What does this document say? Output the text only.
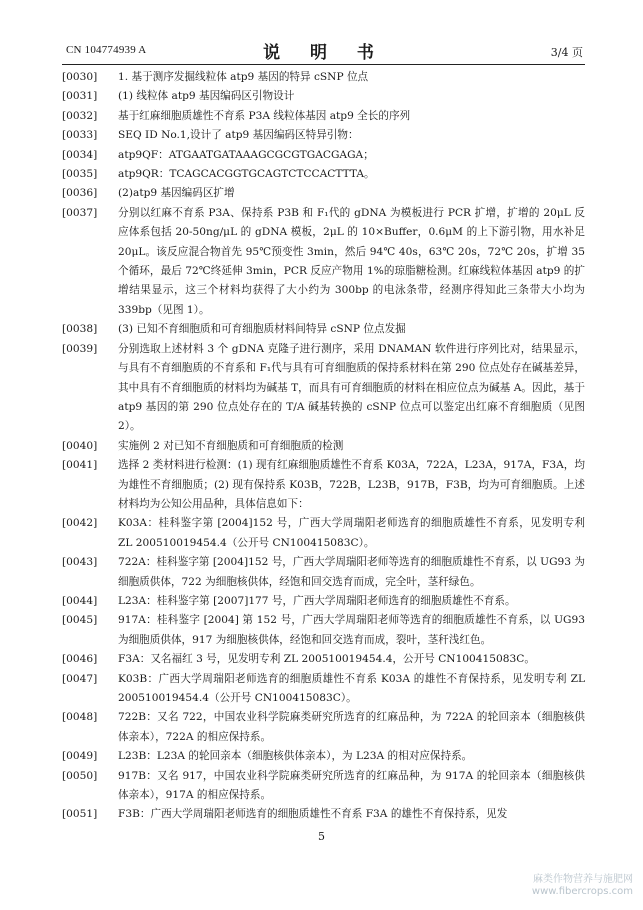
CN 104774939 A	说 明 书	3/4 页
[0030]	1. 基于测序发掘线粒体 atp9 基因的特异 cSNP 位点
[0031]	(1) 线粒体 atp9 基因编码区引物设计
[0032]	基于红麻细胞质雄性不育系 P3A 线粒体基因 atp9 全长的序列
[0033]	SEQ ID No.1,设计了 atp9 基因编码区特异引物：
[0034]	atp9QF：ATGAATGATAAAGCGCGTGACGAGA；
[0035]	atp9QR：TCAGCACGGTGCAGTCTCCACTTTA。
[0036]	(2)atp9 基因编码区扩增
[0037]	分别以红麻不育系 P3A、保持系 P3B 和 F₁代的 gDNA 为模板进行 PCR 扩增，扩增的 20μL 反应体系包括 20-50ng/μL 的 gDNA 模板，2μL 的 10×Buffer，0.6μM 的上下游引物，用水补足 20μL。该反应混合物首先 95℃预变性 3min，然后 94℃ 40s，63℃ 20s，72℃ 20s，扩增 35 个循环，最后 72℃终延伸 3min，PCR 反应产物用 1%的琼脂糖检测。红麻线粒体基因 atp9 的扩增结果显示，这三个材料均获得了大小约为 300bp 的电泳条带，经测序得知此三条带大小均为 339bp（见图 1）。
[0038]	(3) 已知不育细胞质和可育细胞质材料间特异 cSNP 位点发掘
[0039]	分别选取上述材料 3 个 gDNA 克隆子进行测序，采用 DNAMAN 软件进行序列比对，结果显示，与具有不育细胞质的不育系和 F₁代与具有可育细胞质的保持系材料在第 290 位点处存在碱基差异，其中具有不育细胞质的材料均为碱基 T，而具有可育细胞质的材料在相应位点为碱基 A。因此，基于 atp9 基因的第 290 位点处存在的 T/A 碱基转换的 cSNP 位点可以鉴定出红麻不育细胞质（见图 2）。
[0040]	实施例 2 对已知不育细胞质和可育细胞质的检测
[0041]	选择 2 类材料进行检测：(1) 现有红麻细胞质雄性不育系 K03A，722A，L23A，917A，F3A，均为雄性不育细胞质；(2) 现有保持系 K03B，722B，L23B，917B，F3B，均为可育细胞质。上述材料均为公知公用品种，具体信息如下：
[0042]	K03A：桂科鉴字第 [2004]152 号，广西大学周瑞阳老师选育的细胞质雄性不育系，见发明专利 ZL 200510019454.4（公开号 CN100415083C）。
[0043]	722A：桂科鉴字第 [2004]152 号，广西大学周瑞阳老师等选育的细胞质雄性不育系，以 UG93 为细胞质供体，722 为细胞核供体，经饱和回交选育而成，完全叶，茎秆绿色。
[0044]	L23A：桂科鉴字第 [2007]177 号，广西大学周瑞阳老师选育的细胞质雄性不育系。
[0045]	917A：桂科鉴字 [2004] 第 152 号，广西大学周瑞阳老师等选育的细胞质雄性不育系，以 UG93 为细胞质供体，917 为细胞核供体，经饱和回交选育而成，裂叶，茎秆浅红色。
[0046]	F3A：又名福红 3 号，见发明专利 ZL 200510019454.4，公开号 CN100415083C。
[0047]	K03B：广西大学周瑞阳老师选育的细胞质雄性不育系 K03A 的雄性不育保持系，见发明专利 ZL 200510019454.4（公开号 CN100415083C）。
[0048]	722B：又名 722，中国农业科学院麻类研究所选育的红麻品种，为 722A 的轮回亲本（细胞核供体亲本），722A 的相应保持系。
[0049]	L23B：L23A 的轮回亲本（细胞核供体亲本），为 L23A 的相对应保持系。
[0050]	917B：又名 917，中国农业科学院麻类研究所选育的红麻品种，为 917A 的轮回亲本（细胞核供体亲本），917A 的相应保持系。
[0051]	F3B：广西大学周瑞阳老师选育的细胞质雄性不育系 F3A 的雄性不育保持系，见发
5
麻类作物营养与施肥网
www.fibercrops.com
